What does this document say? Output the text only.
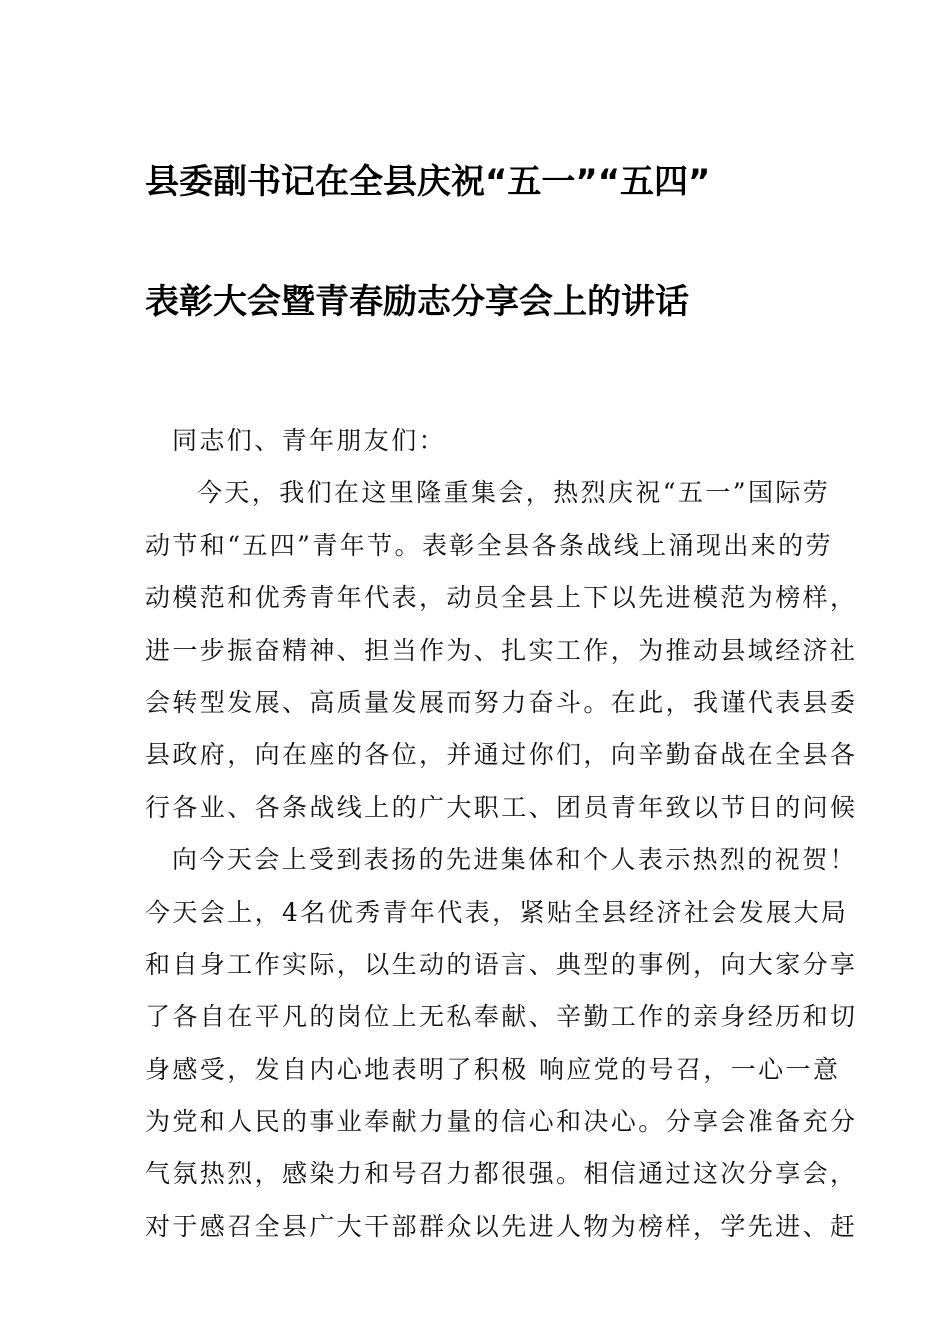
县委副书记在全县庆祝“五一”“五四”
表彰大会暨青春励志分享会上的讲话
同志们、青年朋友们：
今天，我们在这里隆重集会，热烈庆祝“五一”国际劳
动节和“五四”青年节。表彰全县各条战线上涌现出来的劳
动模范和优秀青年代表，动员全县上下以先进模范为榜样，
进一步振奋精神、担当作为、扎实工作，为推动县域经济社
会转型发展、高质量发展而努力奋斗。在此，我谨代表县委
县政府，向在座的各位，并通过你们，向辛勤奋战在全县各
行各业、各条战线上的广大职工、团员青年致以节日的问候
向今天会上受到表扬的先进集体和个人表示热烈的祝贺！
今天会上，4名优秀青年代表，紧贴全县经济社会发展大局
和自身工作实际，以生动的语言、典型的事例，向大家分享
了各自在平凡的岗位上无私奉献、辛勤工作的亲身经历和切
身感受，发自内心地表明了积极 响应党的号召，一心一意
为党和人民的事业奉献力量的信心和决心。分享会准备充分
气氛热烈，感染力和号召力都很强。相信通过这次分享会，
对于感召全县广大干部群众以先进人物为榜样，学先进、赶
